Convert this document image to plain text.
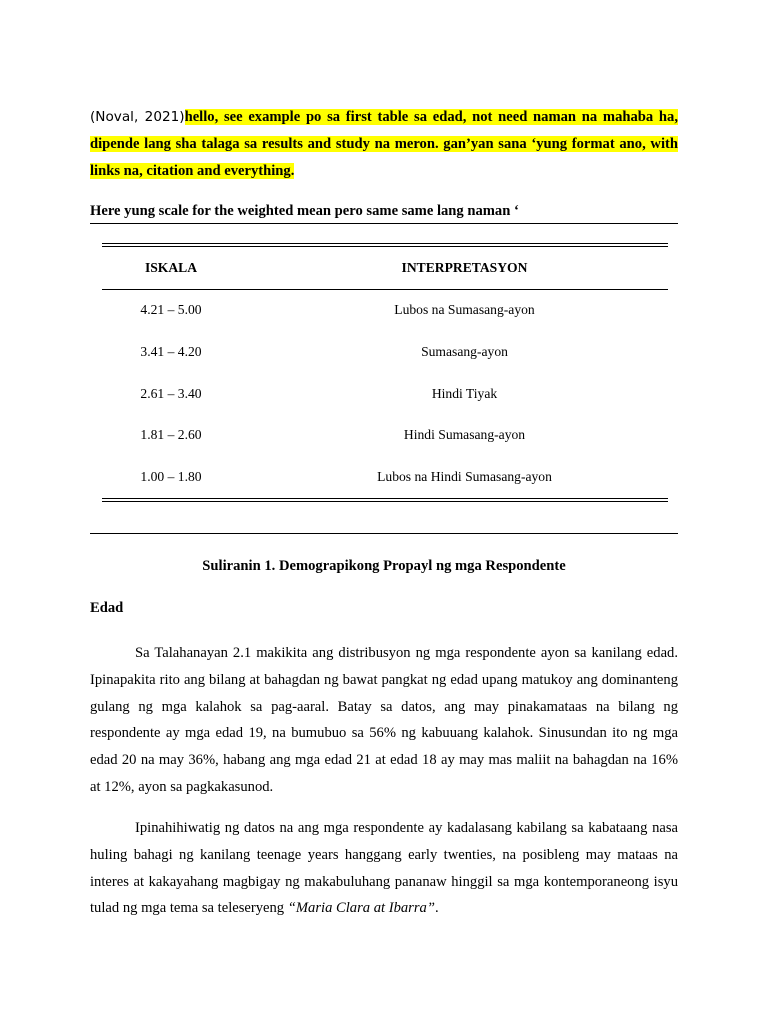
(Noval, 2021)hello, see example po sa first table sa edad, not need naman na mahaba ha, dipende lang sha talaga sa results and study na meron. gan’yan sana ‘yung format ano, with links na, citation and everything.
Here yung scale for the weighted mean pero same same lang naman ‘
ISKALA	INTERPRETASYON
4.21 – 5.00	Lubos na Sumasang-ayon
3.41 – 4.20	Sumasang-ayon
2.61 – 3.40	Hindi Tiyak
1.81 – 2.60	Hindi Sumasang-ayon
1.00 – 1.80	Lubos na Hindi Sumasang-ayon
Suliranin 1. Demograpikong Propayl ng mga Respondente
Edad

Sa Talahanayan 2.1 makikita ang distribusyon ng mga respondente ayon sa kanilang edad. Ipinapakita rito ang bilang at bahagdan ng bawat pangkat ng edad upang matukoy ang dominanteng gulang ng mga kalahok sa pag-aaral. Batay sa datos, ang may pinakamataas na bilang ng respondente ay mga edad 19, na bumubuo sa 56% ng kabuuang kalahok. Sinusundan ito ng mga edad 20 na may 36%, habang ang mga edad 21 at edad 18 ay may mas maliit na bahagdan na 16% at 12%, ayon sa pagkakasunod.

Ipinahihiwatig ng datos na ang mga respondente ay kadalasang kabilang sa kabataang nasa huling bahagi ng kanilang teenage years hanggang early twenties, na posibleng may mataas na interes at kakayahang magbigay ng makabuluhang pananaw hinggil sa mga kontemporaneong isyu tulad ng mga tema sa teleseryeng “Maria Clara at Ibarra”.
